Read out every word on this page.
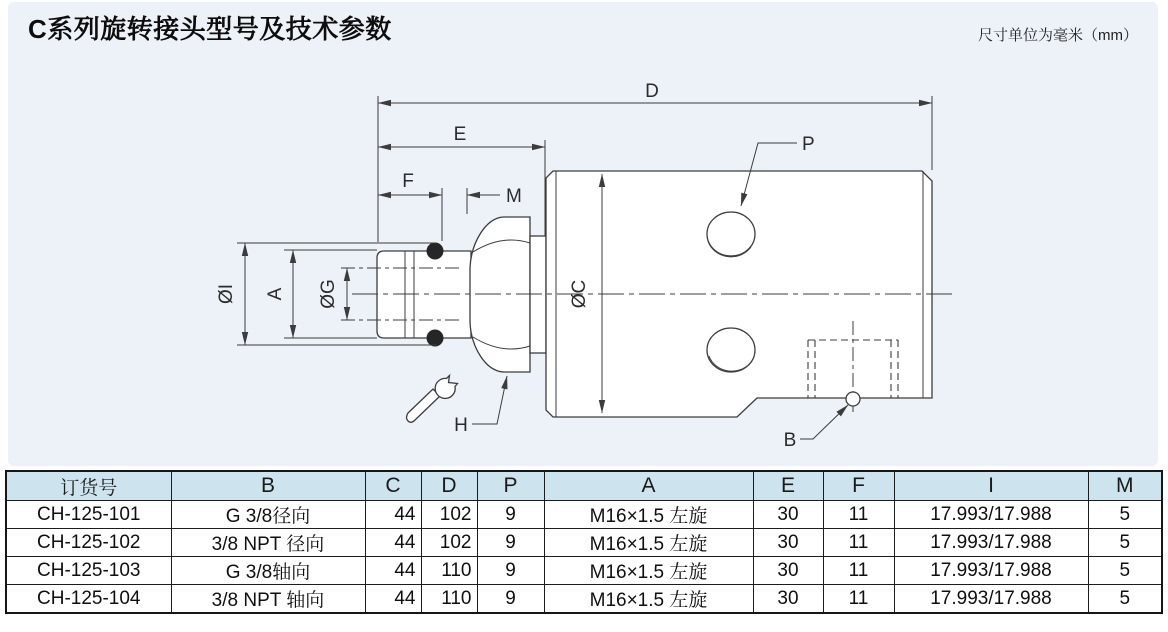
C系列旋转接头型号及技术参数	尺寸单位为毫米（mm）
D
E
F
M
ØI A ØG	ØC
P
H
B
订货号	B	C	D	P	A	E	F	I	M
CH-125-101	G 3/8径向	44	102	9	M16×1.5 左旋	30	11	17.993/17.988	5
CH-125-102	3/8 NPT 径向	44	102	9	M16×1.5 左旋	30	11	17.993/17.988	5
CH-125-103	G 3/8轴向	44	110	9	M16×1.5 左旋	30	11	17.993/17.988	5
CH-125-104	3/8 NPT 轴向	44	110	9	M16×1.5 左旋	30	11	17.993/17.988	5
